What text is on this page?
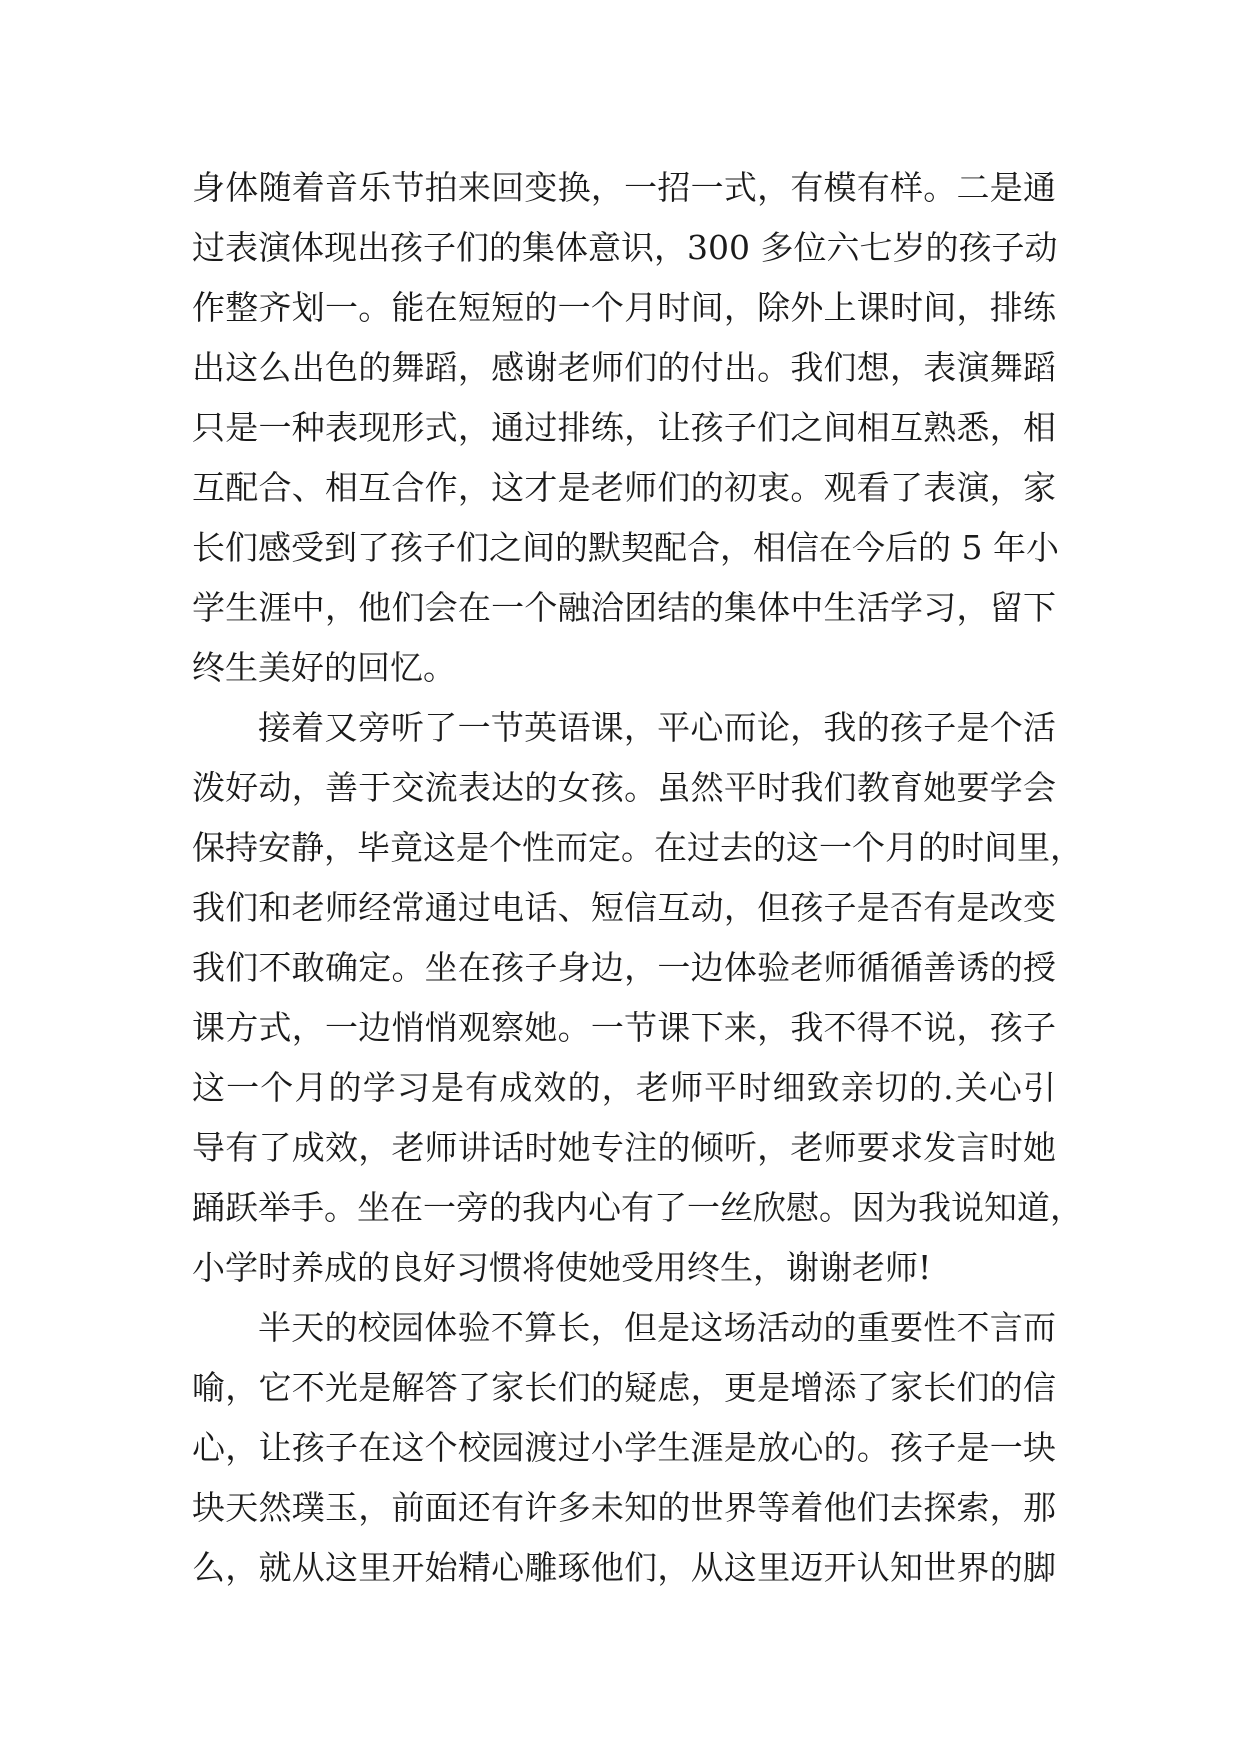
身体随着音乐节拍来回变换，一招一式，有模有样。二是通
过表演体现出孩子们的集体意识，300 多位六七岁的孩子动
作整齐划一。能在短短的一个月时间，除外上课时间，排练
出这么出色的舞蹈，感谢老师们的付出。我们想，表演舞蹈
只是一种表现形式，通过排练，让孩子们之间相互熟悉，相
互配合、相互合作，这才是老师们的初衷。观看了表演，家
长们感受到了孩子们之间的默契配合，相信在今后的 5 年小
学生涯中，他们会在一个融洽团结的集体中生活学习，留下
终生美好的回忆。
接着又旁听了一节英语课，平心而论，我的孩子是个活
泼好动，善于交流表达的女孩。虽然平时我们教育她要学会
保持安静，毕竟这是个性而定。在过去的这一个月的时间里，
我们和老师经常通过电话、短信互动，但孩子是否有是改变
我们不敢确定。坐在孩子身边，一边体验老师循循善诱的授
课方式，一边悄悄观察她。一节课下来，我不得不说，孩子
这一个月的学习是有成效的，老师平时细致亲切的.关心引
导有了成效，老师讲话时她专注的倾听，老师要求发言时她
踊跃举手。坐在一旁的我内心有了一丝欣慰。因为我说知道，
小学时养成的良好习惯将使她受用终生，谢谢老师!
半天的校园体验不算长，但是这场活动的重要性不言而
喻，它不光是解答了家长们的疑虑，更是增添了家长们的信
心，让孩子在这个校园渡过小学生涯是放心的。孩子是一块
块天然璞玉，前面还有许多未知的世界等着他们去探索，那
么，就从这里开始精心雕琢他们，从这里迈开认知世界的脚
